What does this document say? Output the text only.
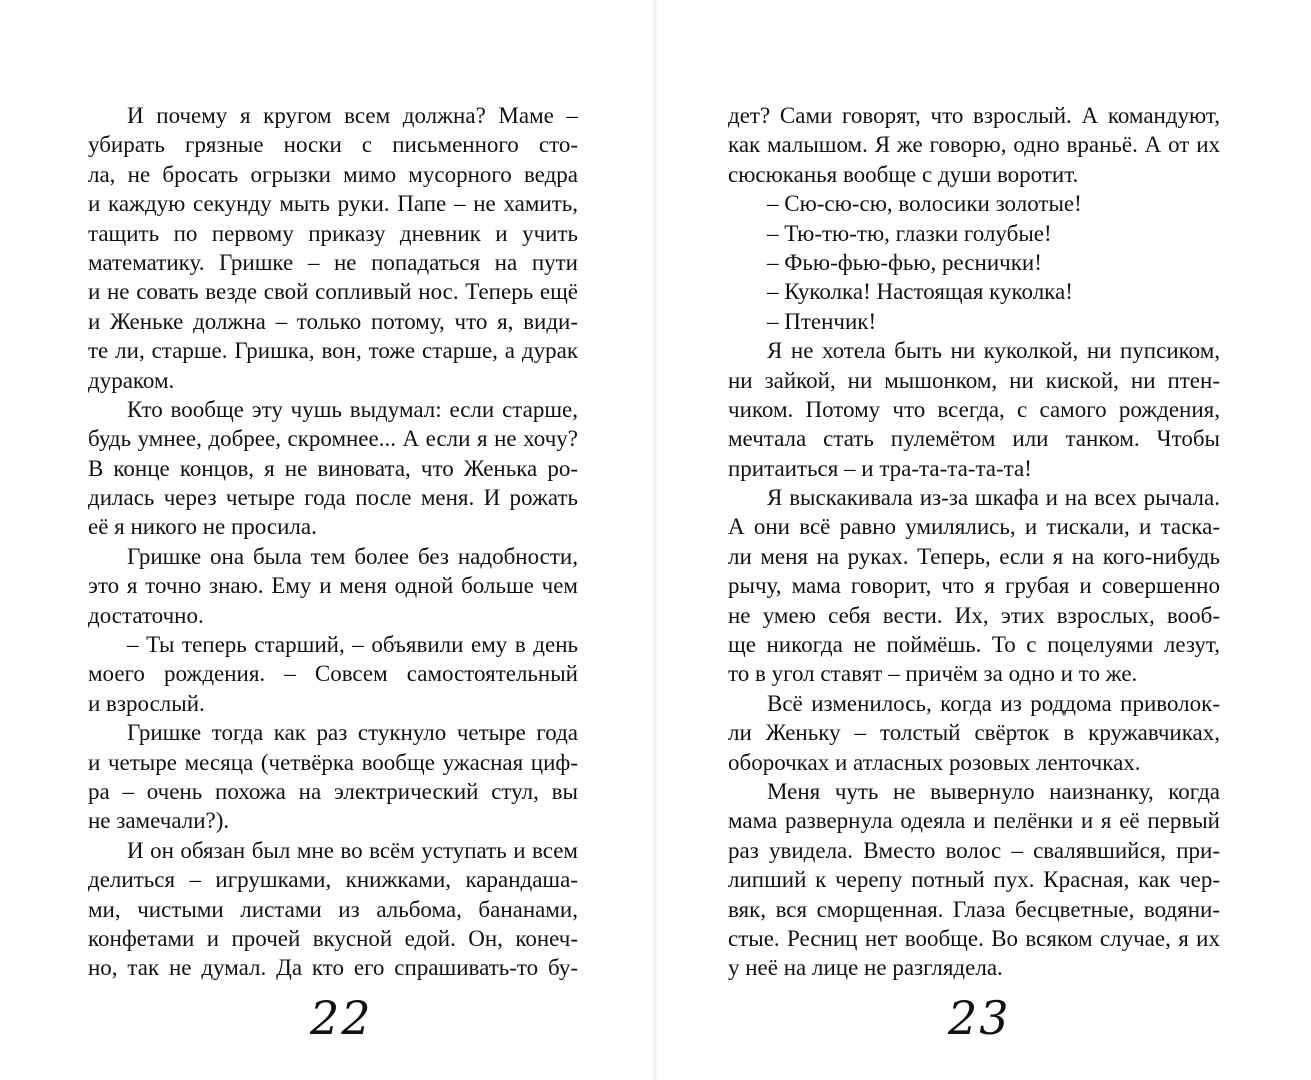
И почему я кругом всем должна? Маме –
убирать грязные носки с письменного сто-
ла, не бросать огрызки мимо мусорного ведра
и каждую секунду мыть руки. Папе – не хамить,
тащить по первому приказу дневник и учить
математику. Гришке – не попадаться на пути
и не совать везде свой сопливый нос. Теперь ещё
и Женьке должна – только потому, что я, види-
те ли, старше. Гришка, вон, тоже старше, а дурак
дураком.
Кто вообще эту чушь выдумал: если старше,
будь умнее, добрее, скромнее... А если я не хочу?
В конце концов, я не виновата, что Женька ро-
дилась через четыре года после меня. И рожать
её я никого не просила.
Гришке она была тем более без надобности,
это я точно знаю. Ему и меня одной больше чем
достаточно.
– Ты теперь старший, – объявили ему в день
моего рождения. – Совсем самостоятельный
и взрослый.
Гришке тогда как раз стукнуло четыре года
и четыре месяца (четвёрка вообще ужасная циф-
ра – очень похожа на электрический стул, вы
не замечали?).
И он обязан был мне во всём уступать и всем
делиться – игрушками, книжками, карандаша-
ми, чистыми листами из альбома, бананами,
конфетами и прочей вкусной едой. Он, конеч-
но, так не думал. Да кто его спрашивать-то бу-
22
дет? Сами говорят, что взрослый. А командуют,
как малышом. Я же говорю, одно враньё. А от их
сюсюканья вообще с души воротит.
– Сю-сю-сю, волосики золотые!
– Тю-тю-тю, глазки голубые!
– Фью-фью-фью, реснички!
– Куколка! Настоящая куколка!
– Птенчик!
Я не хотела быть ни куколкой, ни пупсиком,
ни зайкой, ни мышонком, ни киской, ни птен-
чиком. Потому что всегда, с самого рождения,
мечтала стать пулемётом или танком. Чтобы
притаиться – и тра-та-та-та-та!
Я выскакивала из-за шкафа и на всех рычала.
А они всё равно умилялись, и тискали, и таска-
ли меня на руках. Теперь, если я на кого-нибудь
рычу, мама говорит, что я грубая и совершенно
не умею себя вести. Их, этих взрослых, вооб-
ще никогда не поймёшь. То с поцелуями лезут,
то в угол ставят – причём за одно и то же.
Всё изменилось, когда из роддома приволок-
ли Женьку – толстый свёрток в кружавчиках,
оборочках и атласных розовых ленточках.
Меня чуть не вывернуло наизнанку, когда
мама развернула одеяла и пелёнки и я её первый
раз увидела. Вместо волос – свалявшийся, при-
липший к черепу потный пух. Красная, как чер-
вяк, вся сморщенная. Глаза бесцветные, водяни-
стые. Ресниц нет вообще. Во всяком случае, я их
у неё на лице не разглядела.
23
